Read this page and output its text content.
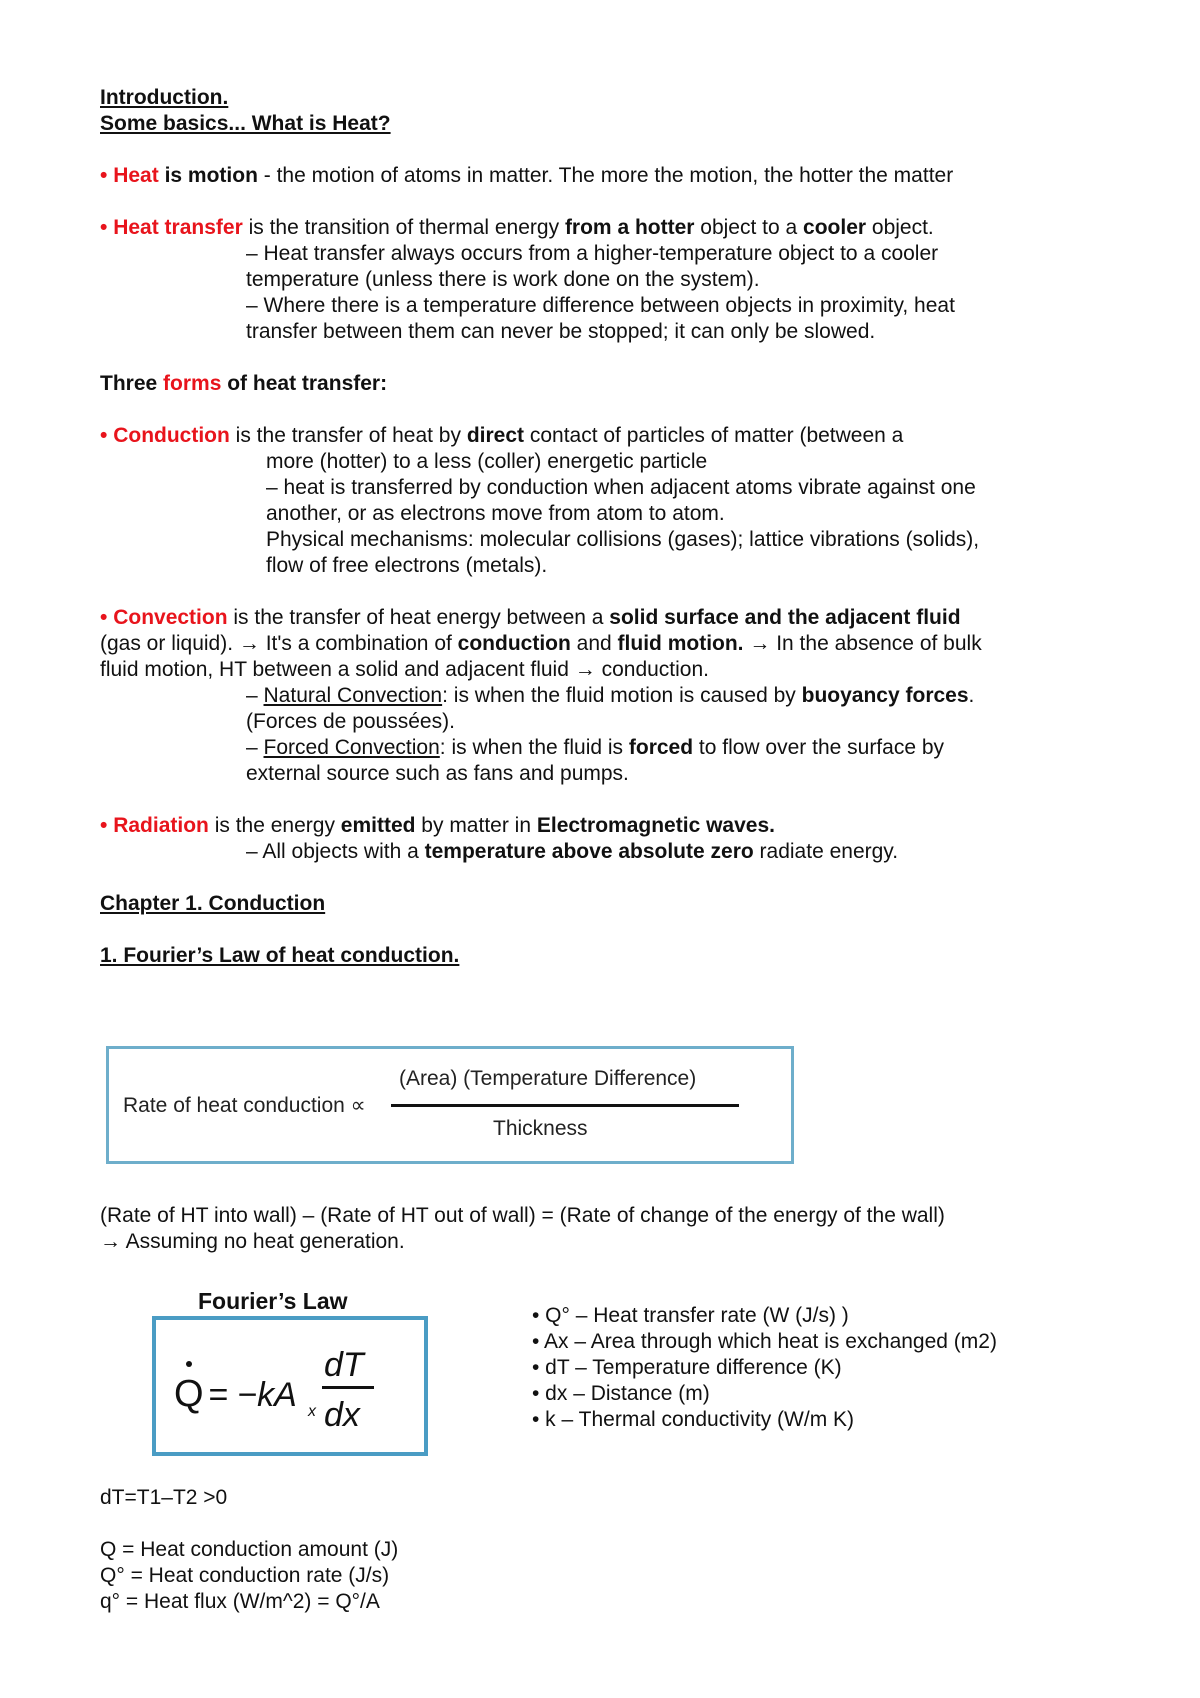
Introduction.
Some basics... What is Heat?
• Heat is motion - the motion of atoms in matter. The more the motion, the hotter the matter
• Heat transfer is the transition of thermal energy from a hotter object to a cooler object.
– Heat transfer always occurs from a higher-temperature object to a cooler
temperature (unless there is work done on the system).
– Where there is a temperature difference between objects in proximity, heat
transfer between them can never be stopped; it can only be slowed.
Three forms of heat transfer:
• Conduction is the transfer of heat by direct contact of particles of matter (between a
more (hotter) to a less (coller) energetic particle
– heat is transferred by conduction when adjacent atoms vibrate against one
another, or as electrons move from atom to atom.
Physical mechanisms: molecular collisions (gases); lattice vibrations (solids),
flow of free electrons (metals).
• Convection is the transfer of heat energy between a solid surface and the adjacent fluid
(gas or liquid). → It's a combination of conduction and fluid motion. → In the absence of bulk
fluid motion, HT between a solid and adjacent fluid → conduction.
– Natural Convection: is when the fluid motion is caused by buoyancy forces.
(Forces de poussées).
– Forced Convection: is when the fluid is forced to flow over the surface by
external source such as fans and pumps.
• Radiation is the energy emitted by matter in Electromagnetic waves.
– All objects with a temperature above absolute zero radiate energy.
Chapter 1. Conduction
1. Fourier’s Law of heat conduction.
Rate of heat conduction ∝
(Area) (Temperature Difference)
Thickness
(Rate of HT into wall) – (Rate of HT out of wall) = (Rate of change of the energy of the wall)
→ Assuming no heat generation.
Fourier’s Law
Q = −kA x
dT
dx
• Q° – Heat transfer rate (W (J/s) )
• Ax – Area through which heat is exchanged (m2)
• dT – Temperature difference (K)
• dx – Distance (m)
• k – Thermal conductivity (W/m K)
dT=T1–T2 >0
Q = Heat conduction amount (J)
Q° = Heat conduction rate (J/s)
q° = Heat flux (W/m^2) = Q°/A
